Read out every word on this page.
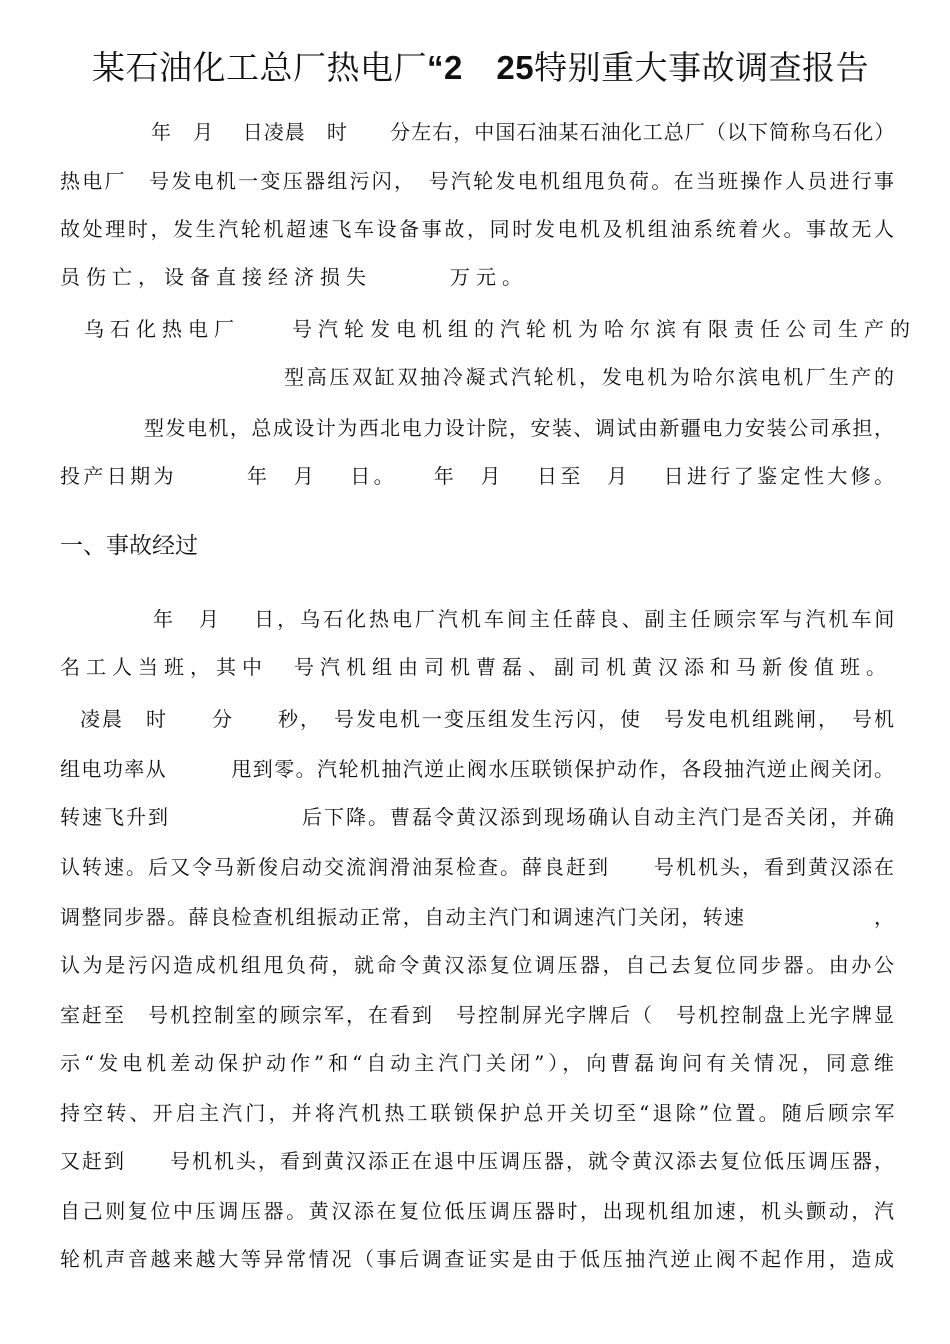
某石油化工总厂热电厂“2　25特别重大事故调查报告
　年　月　 日凌晨　时　　分左右，中国石油某石油化工总厂（以下简称乌石化）
热电厂　号发电机一变压器组污闪，　号汽轮发电机组甩负荷。在当班操作人员进行事
故处理时，发生汽轮机超速飞车设备事故，同时发电机及机组油系统着火。事故无人
员伤亡，设备直接经济损失　　　万元。
乌石化热电厂　　号汽轮发电机组的汽轮机为哈尔滨有限责任公司生产的
型高压双缸双抽冷凝式汽轮机，发电机为哈尔滨电机厂生产的
型发电机，总成设计为西北电力设计院，安装、调试由新疆电力安装公司承担，
投产日期为　　　年　月　 日。　　年　月　 日至　月　 日进行了鉴定性大修。
一、事故经过
　年　月　 日，乌石化热电厂汽机车间主任薛良、副主任顾宗军与汽机车间
名工人当班，其中　号汽机组由司机曹磊、副司机黄汉添和马新俊值班。
凌晨　时　　分　　秒，　号发电机一变压组发生污闪，使　号发电机组跳闸，　号机
组电功率从　　　甩到零。汽轮机抽汽逆止阀水压联锁保护动作，各段抽汽逆止阀关闭。
转速飞升到　　　　　　后下降。曹磊令黄汉添到现场确认自动主汽门是否关闭，并确
认转速。后又令马新俊启动交流润滑油泵检查。薛良赶到　　号机机头，看到黄汉添在
调整同步器。薛良检查机组振动正常，自动主汽门和调速汽门关闭，转速　　　　　　，
认为是污闪造成机组甩负荷，就命令黄汉添复位调压器，自己去复位同步器。由办公
室赶至　号机控制室的顾宗军，在看到　号控制屏光字牌后（　号机控制盘上光字牌显
示“发电机差动保护动作”和“自动主汽门关闭”），向曹磊询问有关情况，同意维
持空转、开启主汽门，并将汽机热工联锁保护总开关切至“退除”位置。随后顾宗军
又赶到　　号机机头，看到黄汉添正在退中压调压器，就令黄汉添去复位低压调压器，
自己则复位中压调压器。黄汉添在复位低压调压器时，出现机组加速，机头颤动，汽
轮机声音越来越大等异常情况（事后调查证实是由于低压抽汽逆止阀不起作用，造成
